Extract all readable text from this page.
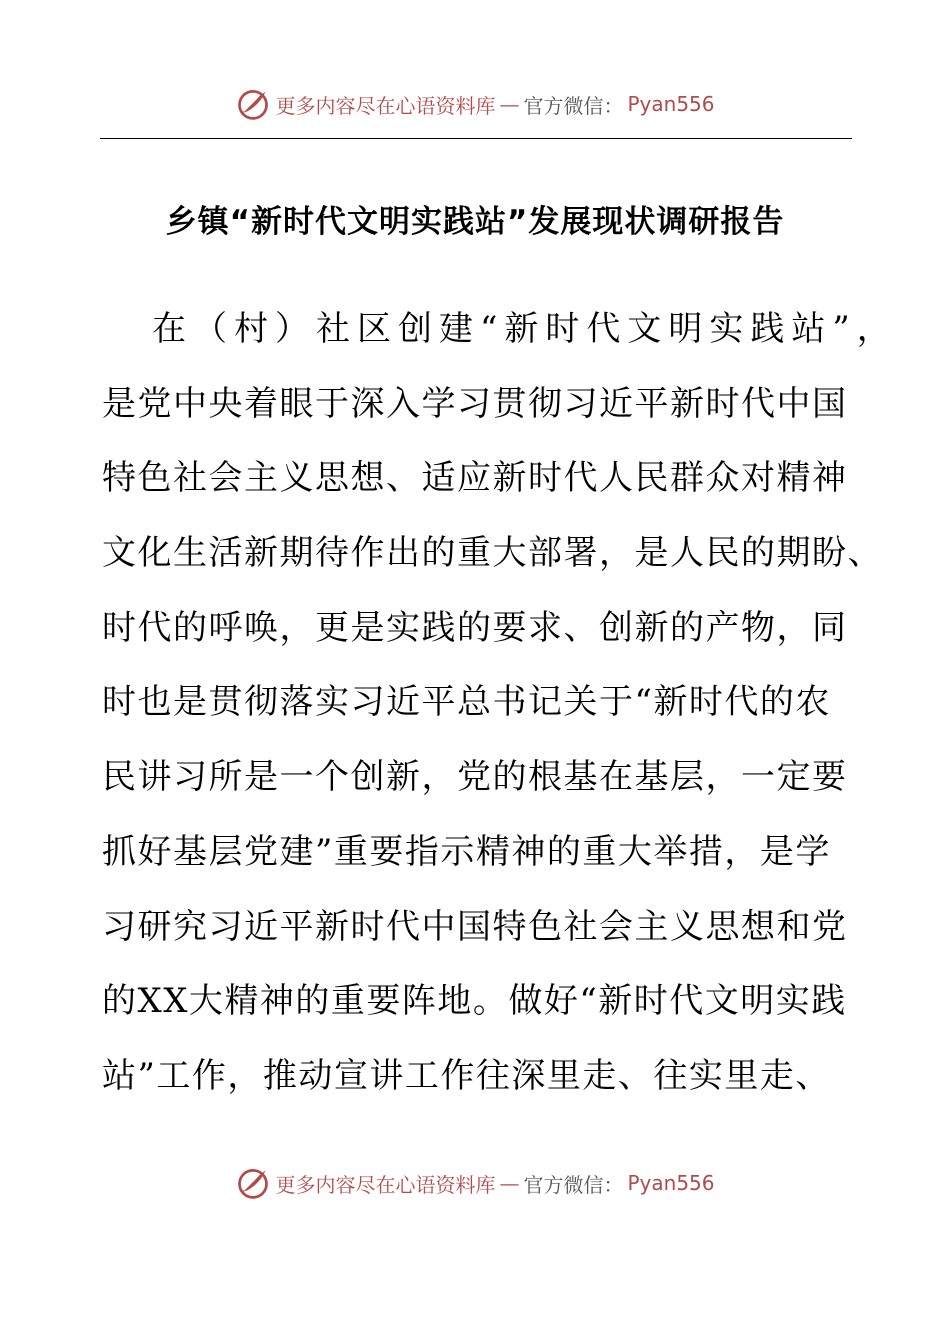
更多内容尽在心语资料库 — 官方微信： Pyan556
乡镇“新时代文明实践站”发展现状调研报告
在（村）社区创建“新时代文明实践站”，
是党中央着眼于深入学习贯彻习近平新时代中国
特色社会主义思想、适应新时代人民群众对精神
文化生活新期待作出的重大部署，是人民的期盼、
时代的呼唤，更是实践的要求、创新的产物，同
时也是贯彻落实习近平总书记关于“新时代的农
民讲习所是一个创新，党的根基在基层，一定要
抓好基层党建”重要指示精神的重大举措，是学
习研究习近平新时代中国特色社会主义思想和党
的XX大精神的重要阵地。做好“新时代文明实践
站”工作，推动宣讲工作往深里走、往实里走、
更多内容尽在心语资料库 — 官方微信： Pyan556
